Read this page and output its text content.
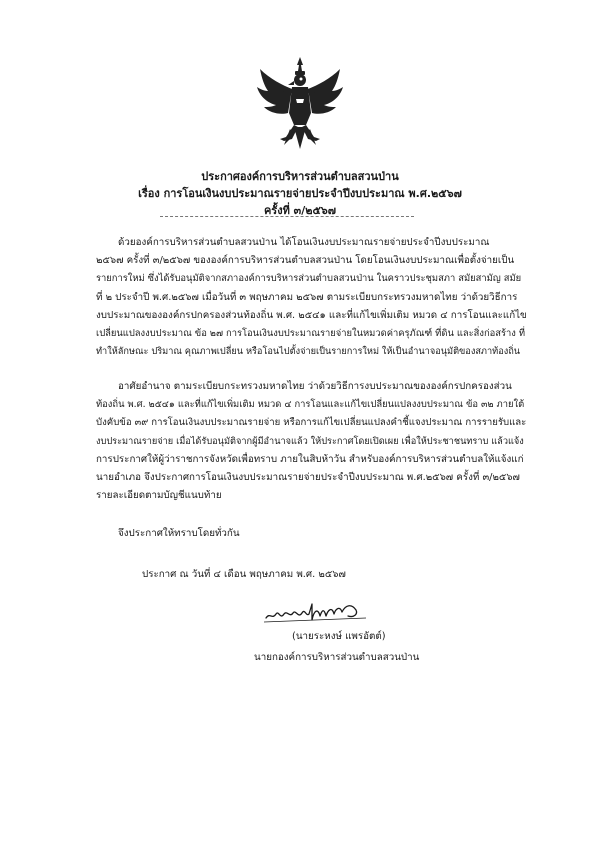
ประกาศองค์การบริหารส่วนตำบลสวนป่าน
เรื่อง การโอนเงินงบประมาณรายจ่ายประจำปีงบประมาณ พ.ศ.๒๕๖๗
ครั้งที่ ๓/๒๕๖๗
ด้วยองค์การบริหารส่วนตำบลสวนป่าน ได้โอนเงินงบประมาณรายจ่ายประจำปีงบประมาณ
๒๕๖๗ ครั้งที่ ๓/๒๕๖๗ ขององค์การบริหารส่วนตำบลสวนป่าน โดยโอนเงินงบประมาณเพื่อตั้งจ่ายเป็น
รายการใหม่ ซึ่งได้รับอนุมัติจากสภาองค์การบริหารส่วนตำบลสวนป่าน ในคราวประชุมสภา สมัยสามัญ สมัย
ที่ ๒ ประจำปี พ.ศ.๒๕๖๗ เมื่อวันที่ ๓ พฤษภาคม ๒๕๖๗ ตามระเบียบกระทรวงมหาดไทย ว่าด้วยวิธีการ
งบประมาณขององค์กรปกครองส่วนท้องถิ่น พ.ศ. ๒๕๔๑ และที่แก้ไขเพิ่มเติม หมวด ๔ การโอนและแก้ไข
เปลี่ยนแปลงงบประมาณ ข้อ ๒๗ การโอนเงินงบประมาณรายจ่ายในหมวดค่าครุภัณฑ์ ที่ดิน และสิ่งก่อสร้าง ที่
ทำให้ลักษณะ ปริมาณ คุณภาพเปลี่ยน หรือโอนไปตั้งจ่ายเป็นรายการใหม่ ให้เป็นอำนาจอนุมัติของสภาท้องถิ่น
อาศัยอำนาจ ตามระเบียบกระทรวงมหาดไทย ว่าด้วยวิธีการงบประมาณขององค์กรปกครองส่วน
ท้องถิ่น พ.ศ. ๒๕๔๑ และที่แก้ไขเพิ่มเติม หมวด ๔ การโอนและแก้ไขเปลี่ยนแปลงงบประมาณ ข้อ ๓๒ ภายใต้
บังคับข้อ ๓๙ การโอนเงินงบประมาณรายจ่าย หรือการแก้ไขเปลี่ยนแปลงคำชี้แจงประมาณ การรายรับและ
งบประมาณรายจ่าย เมื่อได้รับอนุมัติจากผู้มีอำนาจแล้ว ให้ประกาศโดยเปิดเผย เพื่อให้ประชาชนทราบ แล้วแจ้ง
การประกาศให้ผู้ว่าราชการจังหวัดเพื่อทราบ ภายในสิบห้าวัน สำหรับองค์การบริหารส่วนตำบลให้แจ้งแก่
นายอำเภอ จึงประกาศการโอนเงินงบประมาณรายจ่ายประจำปีงบประมาณ พ.ศ.๒๕๖๗ ครั้งที่ ๓/๒๕๖๗
รายละเอียดตามบัญชีแนบท้าย
จึงประกาศให้ทราบโดยทั่วกัน
ประกาศ ณ วันที่ ๔ เดือน พฤษภาคม พ.ศ. ๒๕๖๗
(นายระหงษ์ แพรอัตต์)
นายกองค์การบริหารส่วนตำบลสวนป่าน
